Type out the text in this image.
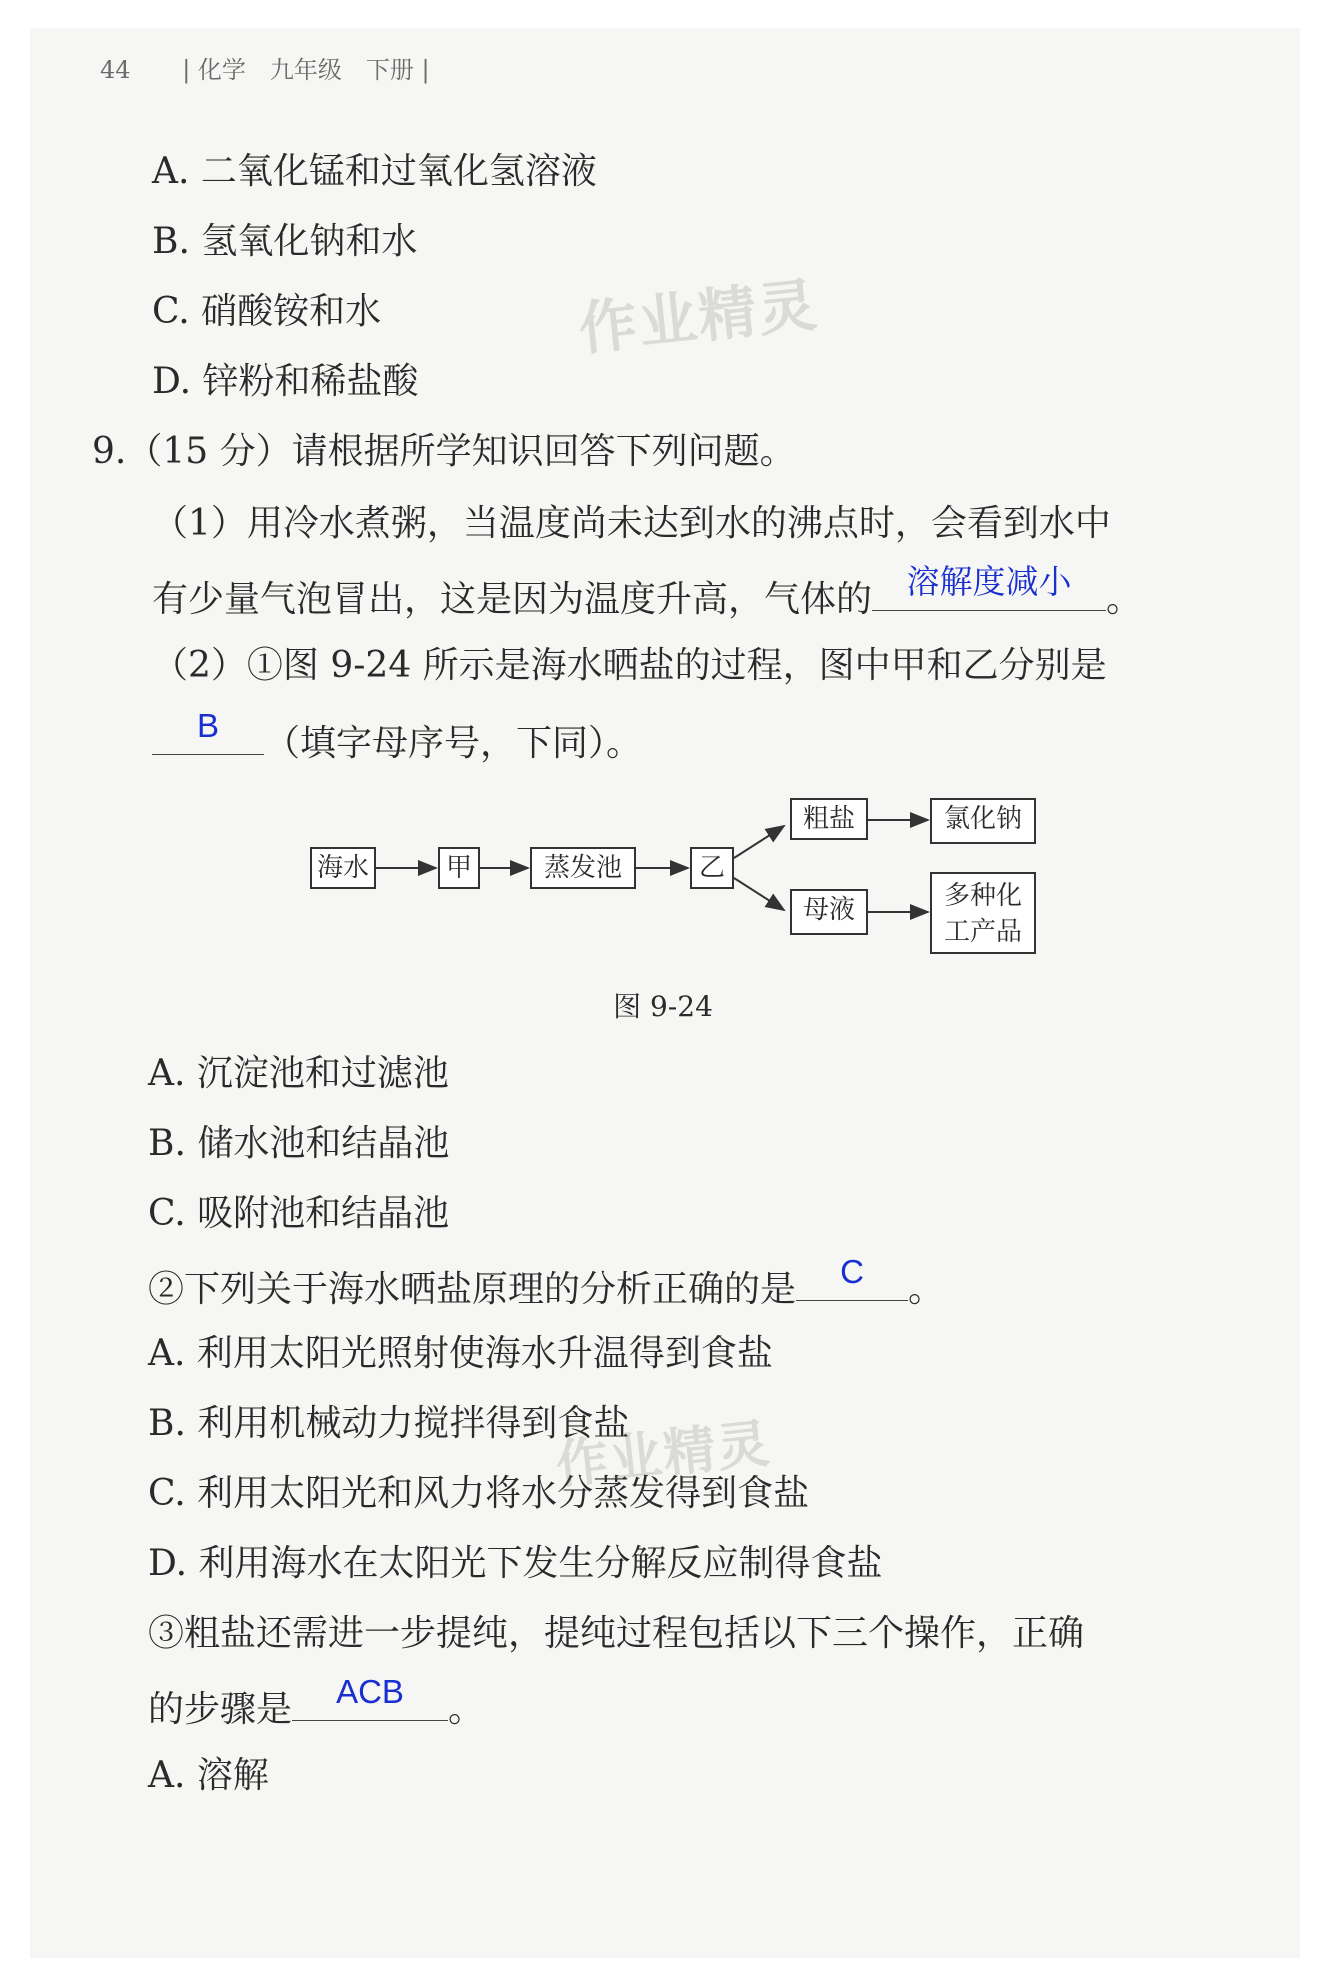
44 | 化学　九年级　下册 |
A. 二氧化锰和过氧化氢溶液
B. 氢氧化钠和水
C. 硝酸铵和水
D. 锌粉和稀盐酸
作业精灵
9.（15 分）请根据所学知识回答下列问题。
（1）用冷水煮粥，当温度尚未达到水的沸点时，会看到水中
有少量气泡冒出，这是因为温度升高，气体的	溶解度减小 。
（2）①图 9-24 所示是海水晒盐的过程，图中甲和乙分别是
B	（填字母序号，下同）。
海水	甲	蒸发池	乙
粗盐	氯化钠
母液	多种化
工产品
图 9-24
A. 沉淀池和过滤池
B. 储水池和结晶池
C. 吸附池和结晶池
②下列关于海水晒盐原理的分析正确的是	C	。
A. 利用太阳光照射使海水升温得到食盐
B. 利用机械动力搅拌得到食盐
C. 利用太阳光和风力将水分蒸发得到食盐
D. 利用海水在太阳光下发生分解反应制得食盐
作业精灵
③粗盐还需进一步提纯，提纯过程包括以下三个操作，正确
的步骤是	ACB	。
A. 溶解
